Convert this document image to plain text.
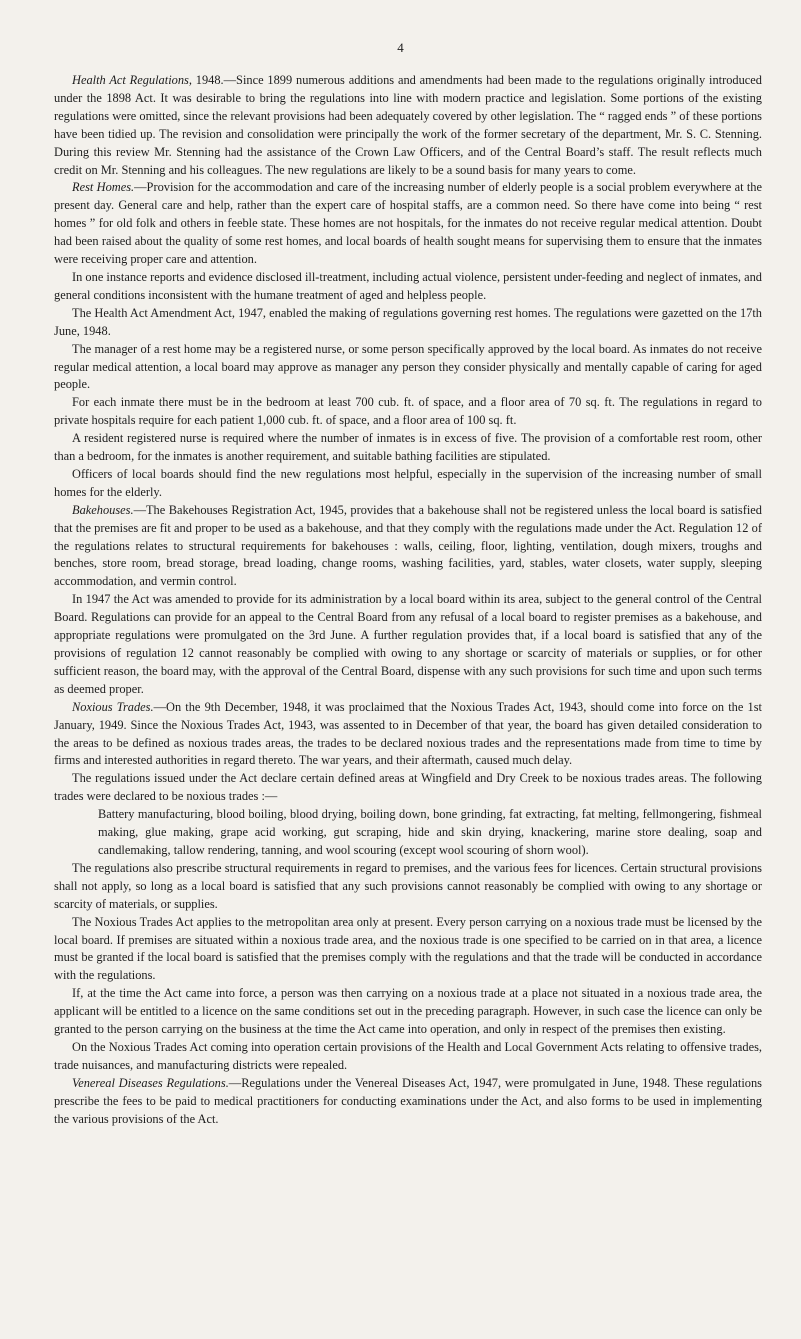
4

Health Act Regulations, 1948.—Since 1899 numerous additions and amendments had been made to the regulations originally introduced under the 1898 Act. It was desirable to bring the regulations into line with modern practice and legislation. Some portions of the existing regulations were omitted, since the relevant provisions had been adequately covered by other legislation. The “ ragged ends ” of these portions have been tidied up. The revision and consolidation were principally the work of the former secretary of the department, Mr. S. C. Stenning. During this review Mr. Stenning had the assistance of the Crown Law Officers, and of the Central Board’s staff. The result reflects much credit on Mr. Stenning and his colleagues. The new regulations are likely to be a sound basis for many years to come.

Rest Homes.—Provision for the accommodation and care of the increasing number of elderly people is a social problem everywhere at the present day. General care and help, rather than the expert care of hospital staffs, are a common need. So there have come into being “ rest homes ” for old folk and others in feeble state. These homes are not hospitals, for the inmates do not receive regular medical attention. Doubt had been raised about the quality of some rest homes, and local boards of health sought means for supervising them to ensure that the inmates were receiving proper care and attention.

In one instance reports and evidence disclosed ill-treatment, including actual violence, persistent under-feeding and neglect of inmates, and general conditions inconsistent with the humane treatment of aged and helpless people.

The Health Act Amendment Act, 1947, enabled the making of regulations governing rest homes. The regulations were gazetted on the 17th June, 1948.

The manager of a rest home may be a registered nurse, or some person specifically approved by the local board. As inmates do not receive regular medical attention, a local board may approve as manager any person they consider physically and mentally capable of caring for aged people.

For each inmate there must be in the bedroom at least 700 cub. ft. of space, and a floor area of 70 sq. ft. The regulations in regard to private hospitals require for each patient 1,000 cub. ft. of space, and a floor area of 100 sq. ft.

A resident registered nurse is required where the number of inmates is in excess of five. The provision of a comfortable rest room, other than a bedroom, for the inmates is another requirement, and suitable bathing facilities are stipulated.

Officers of local boards should find the new regulations most helpful, especially in the supervision of the increasing number of small homes for the elderly.

Bakehouses.—The Bakehouses Registration Act, 1945, provides that a bakehouse shall not be registered unless the local board is satisfied that the premises are fit and proper to be used as a bakehouse, and that they comply with the regulations made under the Act. Regulation 12 of the regulations relates to structural requirements for bakehouses : walls, ceiling, floor, lighting, ventilation, dough mixers, troughs and benches, store room, bread storage, bread loading, change rooms, washing facilities, yard, stables, water closets, water supply, sleeping accommodation, and vermin control.

In 1947 the Act was amended to provide for its administration by a local board within its area, subject to the general control of the Central Board. Regulations can provide for an appeal to the Central Board from any refusal of a local board to register premises as a bakehouse, and appropriate regulations were promulgated on the 3rd June. A further regulation provides that, if a local board is satisfied that any of the provisions of regulation 12 cannot reasonably be complied with owing to any shortage or scarcity of materials or supplies, or for other sufficient reason, the board may, with the approval of the Central Board, dispense with any such provisions for such time and upon such terms as deemed proper.

Noxious Trades.—On the 9th December, 1948, it was proclaimed that the Noxious Trades Act, 1943, should come into force on the 1st January, 1949. Since the Noxious Trades Act, 1943, was assented to in December of that year, the board has given detailed consideration to the areas to be defined as noxious trades areas, the trades to be declared noxious trades and the representations made from time to time by firms and interested authorities in regard thereto. The war years, and their aftermath, caused much delay.

The regulations issued under the Act declare certain defined areas at Wingfield and Dry Creek to be noxious trades areas. The following trades were declared to be noxious trades :—

Battery manufacturing, blood boiling, blood drying, boiling down, bone grinding, fat extracting, fat melting, fellmongering, fishmeal making, glue making, grape acid working, gut scraping, hide and skin drying, knackering, marine store dealing, soap and candlemaking, tallow rendering, tanning, and wool scouring (except wool scouring of shorn wool).

The regulations also prescribe structural requirements in regard to premises, and the various fees for licences. Certain structural provisions shall not apply, so long as a local board is satisfied that any such provisions cannot reasonably be complied with owing to any shortage or scarcity of materials, or supplies.

The Noxious Trades Act applies to the metropolitan area only at present. Every person carrying on a noxious trade must be licensed by the local board. If premises are situated within a noxious trade area, and the noxious trade is one specified to be carried on in that area, a licence must be granted if the local board is satisfied that the premises comply with the regulations and that the trade will be conducted in accordance with the regulations.

If, at the time the Act came into force, a person was then carrying on a noxious trade at a place not situated in a noxious trade area, the applicant will be entitled to a licence on the same conditions set out in the preceding paragraph. However, in such case the licence can only be granted to the person carrying on the business at the time the Act came into operation, and only in respect of the premises then existing.

On the Noxious Trades Act coming into operation certain provisions of the Health and Local Government Acts relating to offensive trades, trade nuisances, and manufacturing districts were repealed.

Venereal Diseases Regulations.—Regulations under the Venereal Diseases Act, 1947, were promulgated in June, 1948. These regulations prescribe the fees to be paid to medical practitioners for conducting examinations under the Act, and also forms to be used in implementing the various provisions of the Act.
